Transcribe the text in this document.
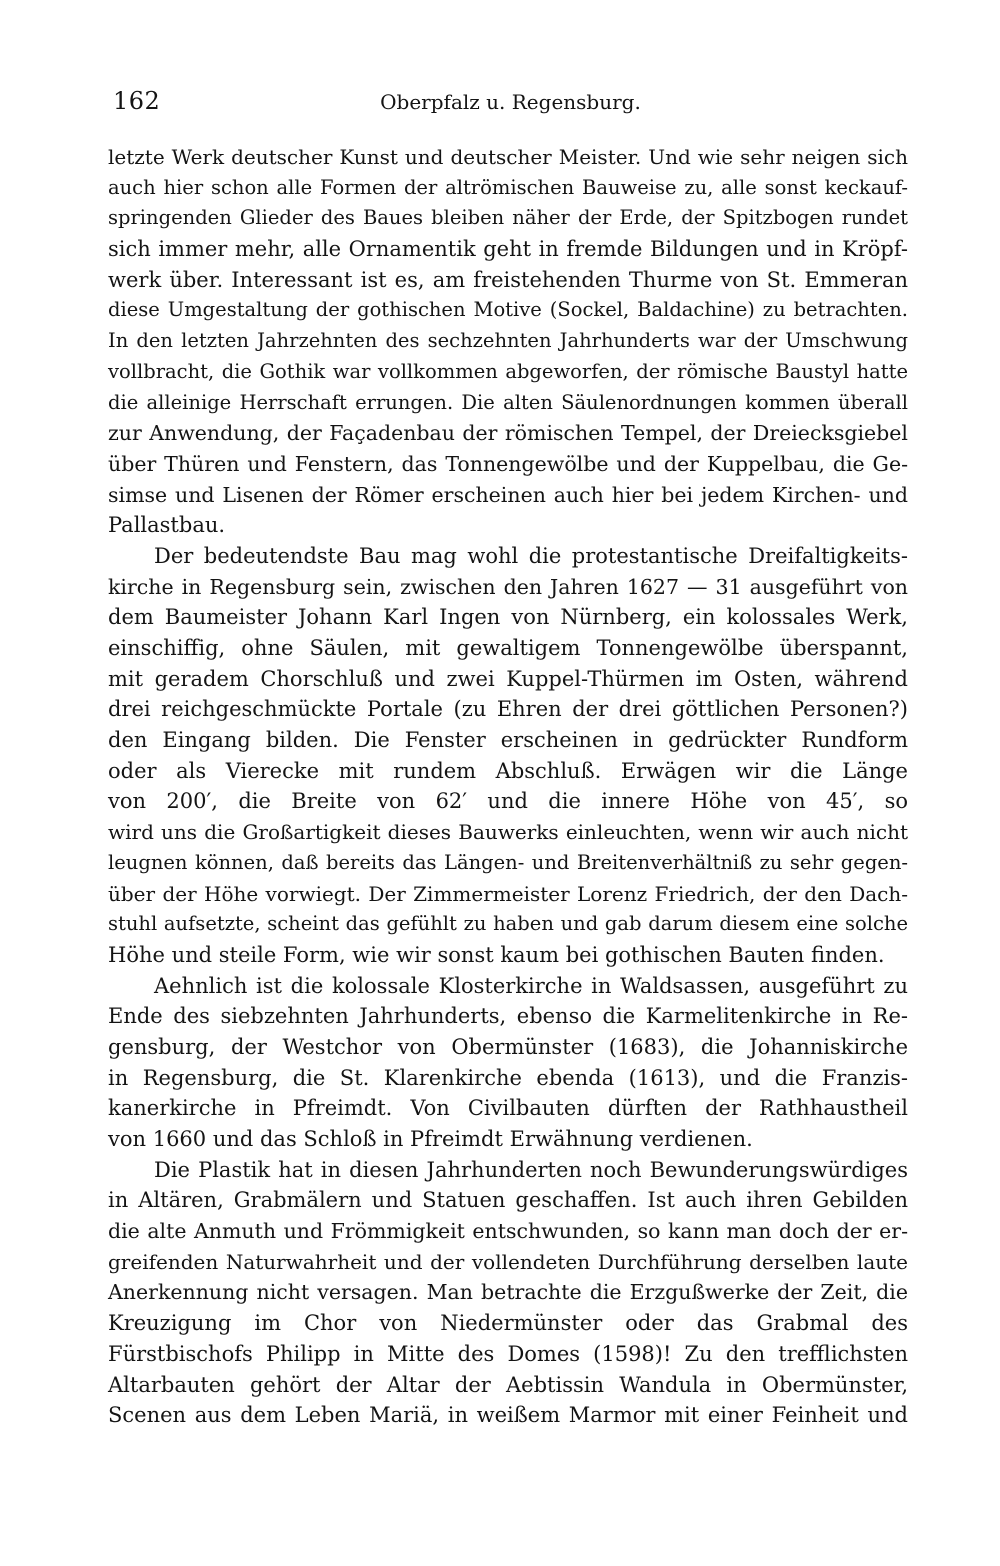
162	Oberpfalz u. Regensburg.
letzte Werk deutscher Kunst und deutscher Meister. Und wie sehr neigen sich
auch hier schon alle Formen der altrömischen Bauweise zu, alle sonst keckauf-
springenden Glieder des Baues bleiben näher der Erde, der Spitzbogen rundet
sich immer mehr, alle Ornamentik geht in fremde Bildungen und in Kröpf-
werk über. Interessant ist es, am freistehenden Thurme von St. Emmeran
diese Umgestaltung der gothischen Motive (Sockel, Baldachine) zu betrachten.
In den letzten Jahrzehnten des sechzehnten Jahrhunderts war der Umschwung
vollbracht, die Gothik war vollkommen abgeworfen, der römische Baustyl hatte
die alleinige Herrschaft errungen. Die alten Säulenordnungen kommen überall
zur Anwendung, der Façadenbau der römischen Tempel, der Dreiecksgiebel
über Thüren und Fenstern, das Tonnengewölbe und der Kuppelbau, die Ge-
simse und Lisenen der Römer erscheinen auch hier bei jedem Kirchen- und
Pallastbau.
Der bedeutendste Bau mag wohl die protestantische Dreifaltigkeits-
kirche in Regensburg sein, zwischen den Jahren 1627 — 31 ausgeführt von
dem Baumeister Johann Karl Ingen von Nürnberg, ein kolossales Werk,
einschiffig, ohne Säulen, mit gewaltigem Tonnengewölbe überspannt,
mit geradem Chorschluß und zwei Kuppel-Thürmen im Osten, während
drei reichgeschmückte Portale (zu Ehren der drei göttlichen Personen?)
den Eingang bilden. Die Fenster erscheinen in gedrückter Rundform
oder als Vierecke mit rundem Abschluß. Erwägen wir die Länge
von 200′, die Breite von 62′ und die innere Höhe von 45′, so
wird uns die Großartigkeit dieses Bauwerks einleuchten, wenn wir auch nicht
leugnen können, daß bereits das Längen- und Breitenverhältniß zu sehr gegen-
über der Höhe vorwiegt. Der Zimmermeister Lorenz Friedrich, der den Dach-
stuhl aufsetzte, scheint das gefühlt zu haben und gab darum diesem eine solche
Höhe und steile Form, wie wir sonst kaum bei gothischen Bauten finden.
Aehnlich ist die kolossale Klosterkirche in Waldsassen, ausgeführt zu
Ende des siebzehnten Jahrhunderts, ebenso die Karmelitenkirche in Re-
gensburg, der Westchor von Obermünster (1683), die Johanniskirche
in Regensburg, die St. Klarenkirche ebenda (1613), und die Franzis-
kanerkirche in Pfreimdt. Von Civilbauten dürften der Rathhaustheil
von 1660 und das Schloß in Pfreimdt Erwähnung verdienen.
Die Plastik hat in diesen Jahrhunderten noch Bewunderungswürdiges
in Altären, Grabmälern und Statuen geschaffen. Ist auch ihren Gebilden
die alte Anmuth und Frömmigkeit entschwunden, so kann man doch der er-
greifenden Naturwahrheit und der vollendeten Durchführung derselben laute
Anerkennung nicht versagen. Man betrachte die Erzgußwerke der Zeit, die
Kreuzigung im Chor von Niedermünster oder das Grabmal des
Fürstbischofs Philipp in Mitte des Domes (1598)! Zu den trefflichsten
Altarbauten gehört der Altar der Aebtissin Wandula in Obermünster,
Scenen aus dem Leben Mariä, in weißem Marmor mit einer Feinheit und
